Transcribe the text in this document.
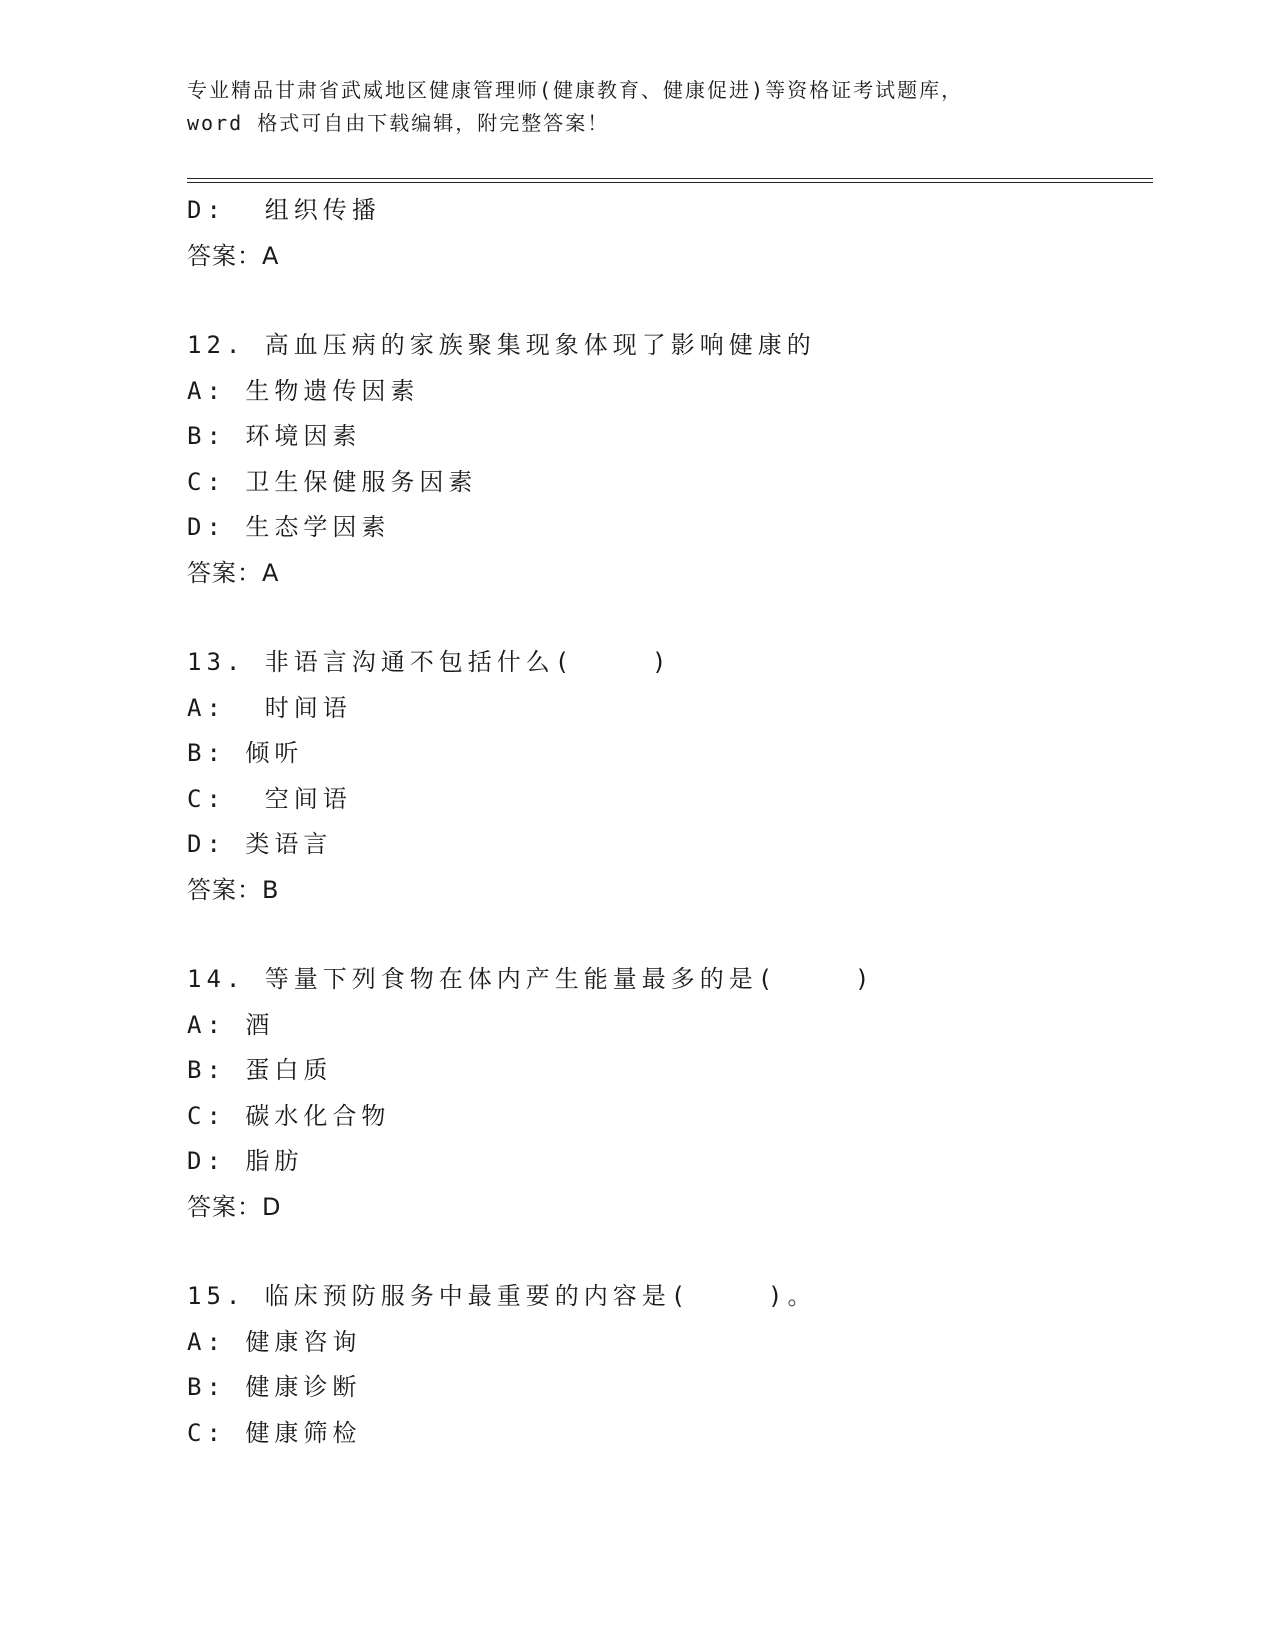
专业精品甘肃省武威地区健康管理师(健康教育、健康促进)等资格证考试题库，
word 格式可自由下载编辑，附完整答案！
D:  组织传播
答案：A
12. 高血压病的家族聚集现象体现了影响健康的
A: 生物遗传因素
B: 环境因素
C: 卫生保健服务因素
D: 生态学因素
答案：A
13. 非语言沟通不包括什么(    )
A:  时间语
B: 倾听
C:  空间语
D: 类语言
答案：B
14. 等量下列食物在体内产生能量最多的是(    )
A: 酒
B: 蛋白质
C: 碳水化合物
D: 脂肪
答案：D
15. 临床预防服务中最重要的内容是(    )。
A: 健康咨询
B: 健康诊断
C: 健康筛检
